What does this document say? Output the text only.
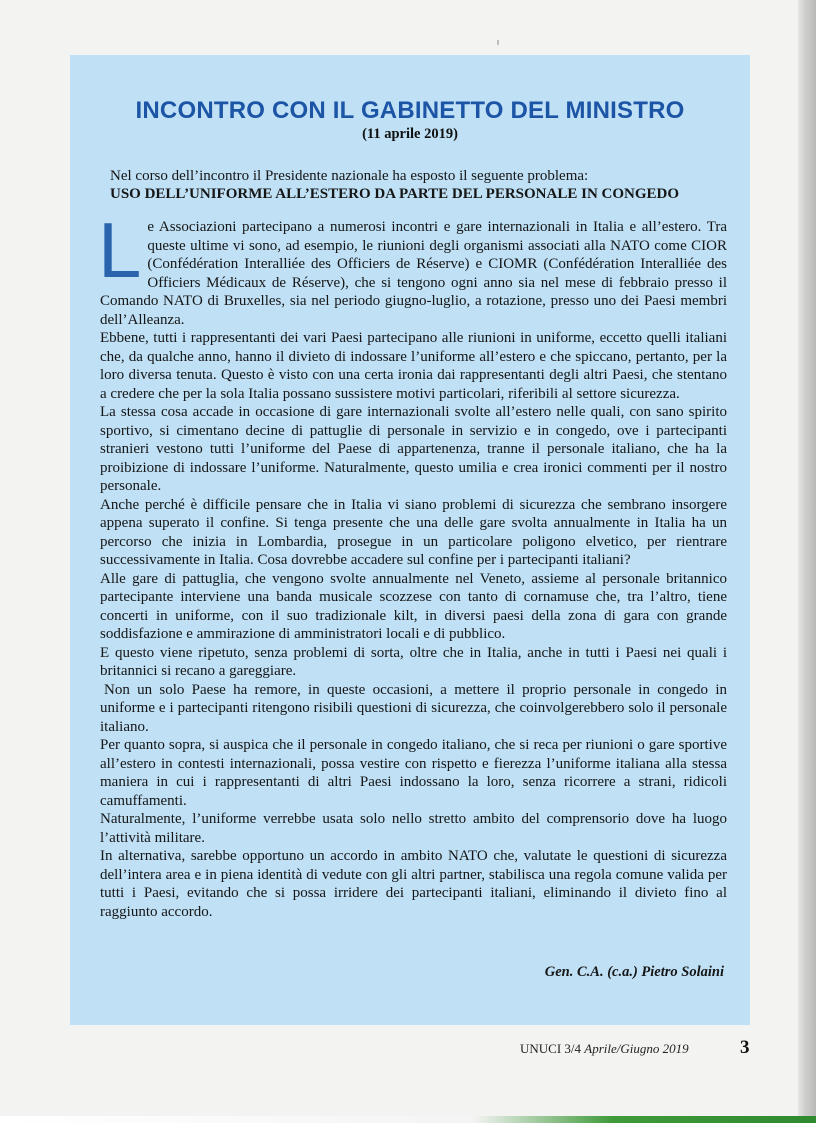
INCONTRO CON IL GABINETTO DEL MINISTRO
(11 aprile 2019)

Nel corso dell’incontro il Presidente nazionale ha esposto il seguente problema:

USO DELL’UNIFORME ALL’ESTERO DA PARTE DEL PERSONALE IN CONGEDO

Le Associazioni partecipano a numerosi incontri e gare internazionali in Italia e all’estero. Tra queste ultime vi sono, ad esempio, le riunioni degli organismi associati alla NATO come CIOR (Confédération Interalliée des Officiers de Réserve) e CIOMR (Confédération Interalliée des Officiers Médicaux de Réserve), che si tengono ogni anno sia nel mese di febbraio presso il Comando NATO di Bruxelles, sia nel periodo giugno-luglio, a rotazione, presso uno dei Paesi membri dell’Alleanza.

Ebbene, tutti i rappresentanti dei vari Paesi partecipano alle riunioni in uniforme, eccetto quelli italiani che, da qualche anno, hanno il divieto di indossare l’uniforme all’estero e che spiccano, pertanto, per la loro diversa tenuta. Questo è visto con una certa ironia dai rappresentanti degli altri Paesi, che stentano a credere che per la sola Italia possano sussistere motivi particolari, riferibili al settore sicurezza.

La stessa cosa accade in occasione di gare internazionali svolte all’estero nelle quali, con sano spirito sportivo, si cimentano decine di pattuglie di personale in servizio e in congedo, ove i partecipanti stranieri vestono tutti l’uniforme del Paese di appartenenza, tranne il personale italiano, che ha la proibizione di indossare l’uniforme. Naturalmente, questo umilia e crea ironici commenti per il nostro personale.

Anche perché è difficile pensare che in Italia vi siano problemi di sicurezza che sembrano insorgere appena superato il confine. Si tenga presente che una delle gare svolta annualmente in Italia ha un percorso che inizia in Lombardia, prosegue in un particolare poligono elvetico, per rientrare successivamente in Italia. Cosa dovrebbe accadere sul confine per i partecipanti italiani?

Alle gare di pattuglia, che vengono svolte annualmente nel Veneto, assieme al personale britannico partecipante interviene una banda musicale scozzese con tanto di cornamuse che, tra l’altro, tiene concerti in uniforme, con il suo tradizionale kilt, in diversi paesi della zona di gara con grande soddisfazione e ammirazione di amministratori locali e di pubblico.

E questo viene ripetuto, senza problemi di sorta, oltre che in Italia, anche in tutti i Paesi nei quali i britannici si recano a gareggiare.

Non un solo Paese ha remore, in queste occasioni, a mettere il proprio personale in congedo in uniforme e i partecipanti ritengono risibili questioni di sicurezza, che coinvolgerebbero solo il personale italiano.

Per quanto sopra, si auspica che il personale in congedo italiano, che si reca per riunioni o gare sportive all’estero in contesti internazionali, possa vestire con rispetto e fierezza l’uniforme italiana alla stessa maniera in cui i rappresentanti di altri Paesi indossano la loro, senza ricorrere a strani, ridicoli camuffamenti.

Naturalmente, l’uniforme verrebbe usata solo nello stretto ambito del comprensorio dove ha luogo l’attività militare.

In alternativa, sarebbe opportuno un accordo in ambito NATO che, valutate le questioni di sicurezza dell’intera area e in piena identità di vedute con gli altri partner, stabilisca una regola comune valida per tutti i Paesi, evitando che si possa irridere dei partecipanti italiani, eliminando il divieto fino al raggiunto accordo.

Gen. C.A. (c.a.) Pietro Solaini
UNUCI 3/4 Aprile/Giugno 2019	3
